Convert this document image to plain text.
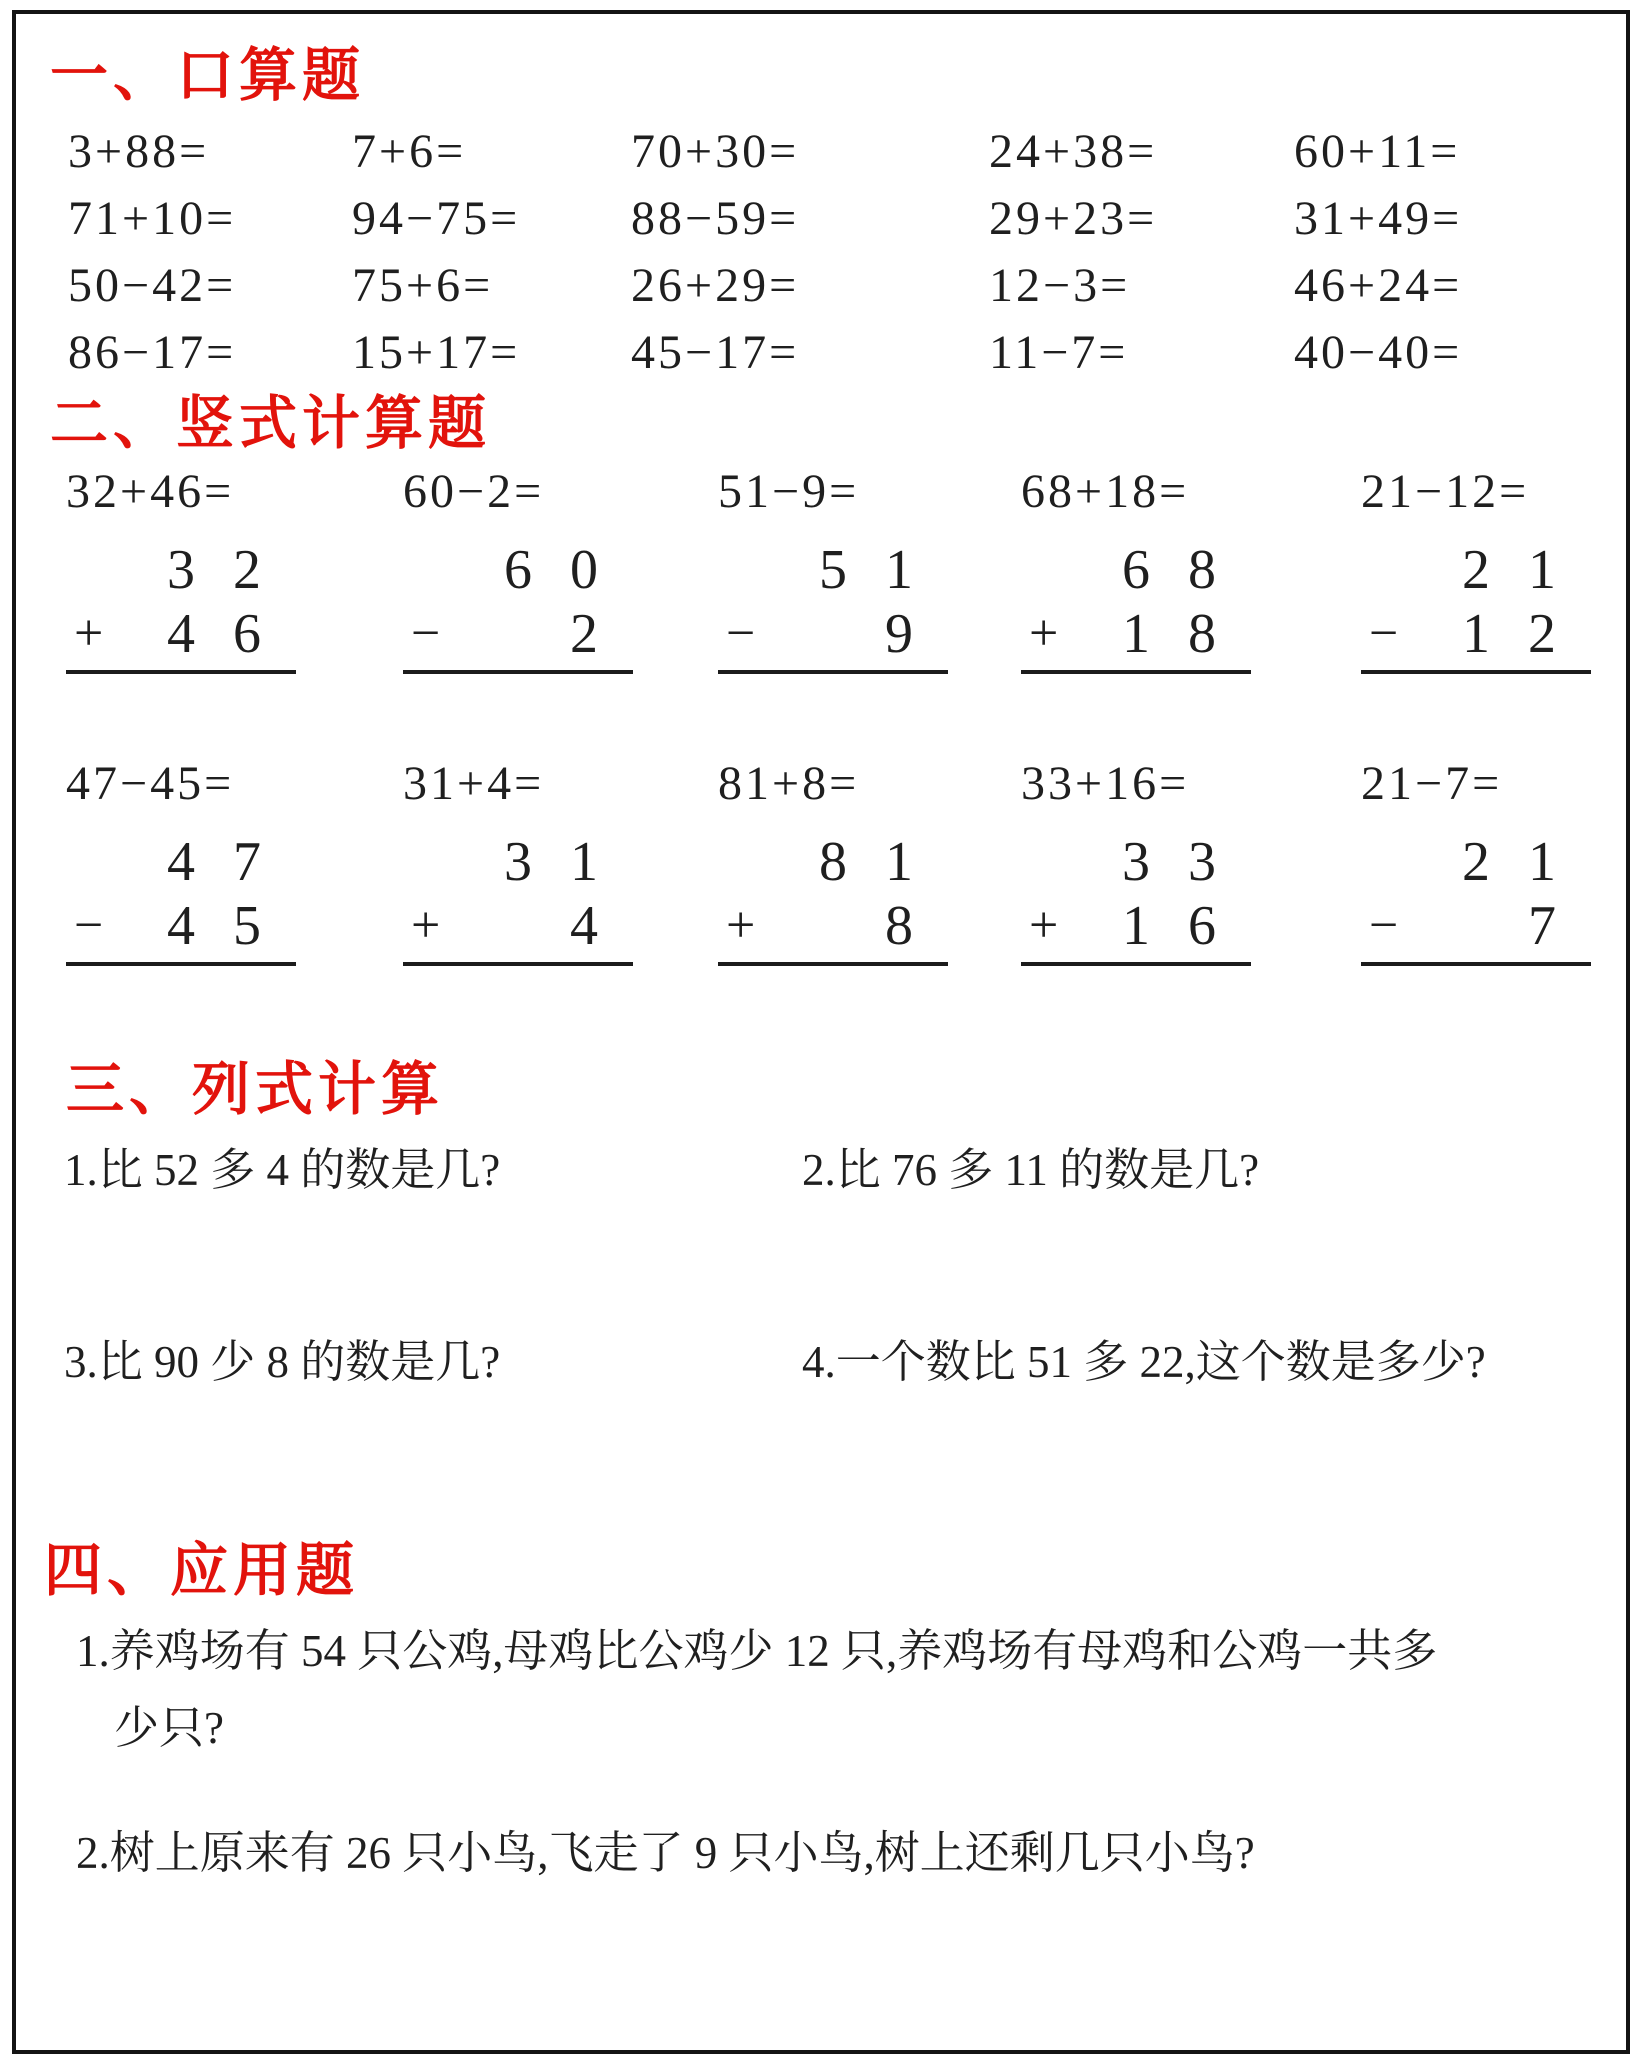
一、口算题
3+88=	7+6=	70+30=	24+38=	60+11=
71+10=	94−75=	88−59=	29+23=	31+49=
50−42=	75+6=	26+29=	12−3=	46+24=
86−17=	15+17=	45−17=	11−7=	40−40=
二、竖式计算题
32+46=
3 2
+	4 6
60−2=
6 0
−	2
51−9=
5 1
−	9
68+18=
6 8
+	1 8
21−12=
2 1
−	1 2
47−45=
4 7
−	4 5
31+4=
3 1
+	4
81+8=
8 1
+	8
33+16=
3 3
+	1 6
21−7=
2 1
−	7
三、列式计算
1.比 52 多 4 的数是几?	2.比 76 多 11 的数是几?
3.比 90 少 8 的数是几?	4.一个数比 51 多 22,这个数是多少?
四、应用题

1.养鸡场有 54 只公鸡,母鸡比公鸡少 12 只,养鸡场有母鸡和公鸡一共多
少只?

2.树上原来有 26 只小鸟,飞走了 9 只小鸟,树上还剩几只小鸟?
